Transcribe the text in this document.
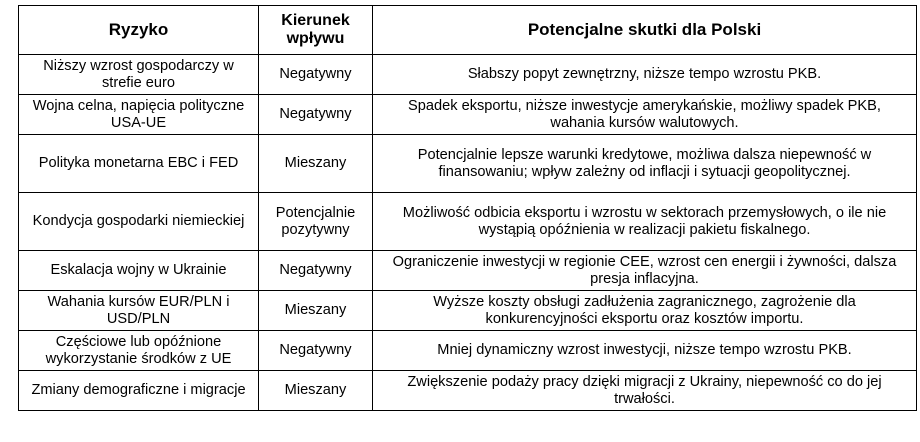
Ryzyko	Kierunek wpływu	Potencjalne skutki dla Polski
Niższy wzrost gospodarczy w strefie euro	Negatywny	Słabszy popyt zewnętrzny, niższe tempo wzrostu PKB.
Wojna celna, napięcia polityczne USA-UE	Negatywny	Spadek eksportu, niższe inwestycje amerykańskie, możliwy spadek PKB, wahania kursów walutowych.
Polityka monetarna EBC i FED	Mieszany	Potencjalnie lepsze warunki kredytowe, możliwa dalsza niepewność w finansowaniu; wpływ zależny od inflacji i sytuacji geopolitycznej.
Kondycja gospodarki niemieckiej	Potencjalnie pozytywny	Możliwość odbicia eksportu i wzrostu w sektorach przemysłowych, o ile nie wystąpią opóźnienia w realizacji pakietu fiskalnego.
Eskalacja wojny w Ukrainie	Negatywny	Ograniczenie inwestycji w regionie CEE, wzrost cen energii i żywności, dalsza presja inflacyjna.
Wahania kursów EUR/PLN i USD/PLN	Mieszany	Wyższe koszty obsługi zadłużenia zagranicznego, zagrożenie dla konkurencyjności eksportu oraz kosztów importu.
Częściowe lub opóźnione wykorzystanie środków z UE	Negatywny	Mniej dynamiczny wzrost inwestycji, niższe tempo wzrostu PKB.
Zmiany demograficzne i migracje	Mieszany	Zwiększenie podaży pracy dzięki migracji z Ukrainy, niepewność co do jej trwałości.
